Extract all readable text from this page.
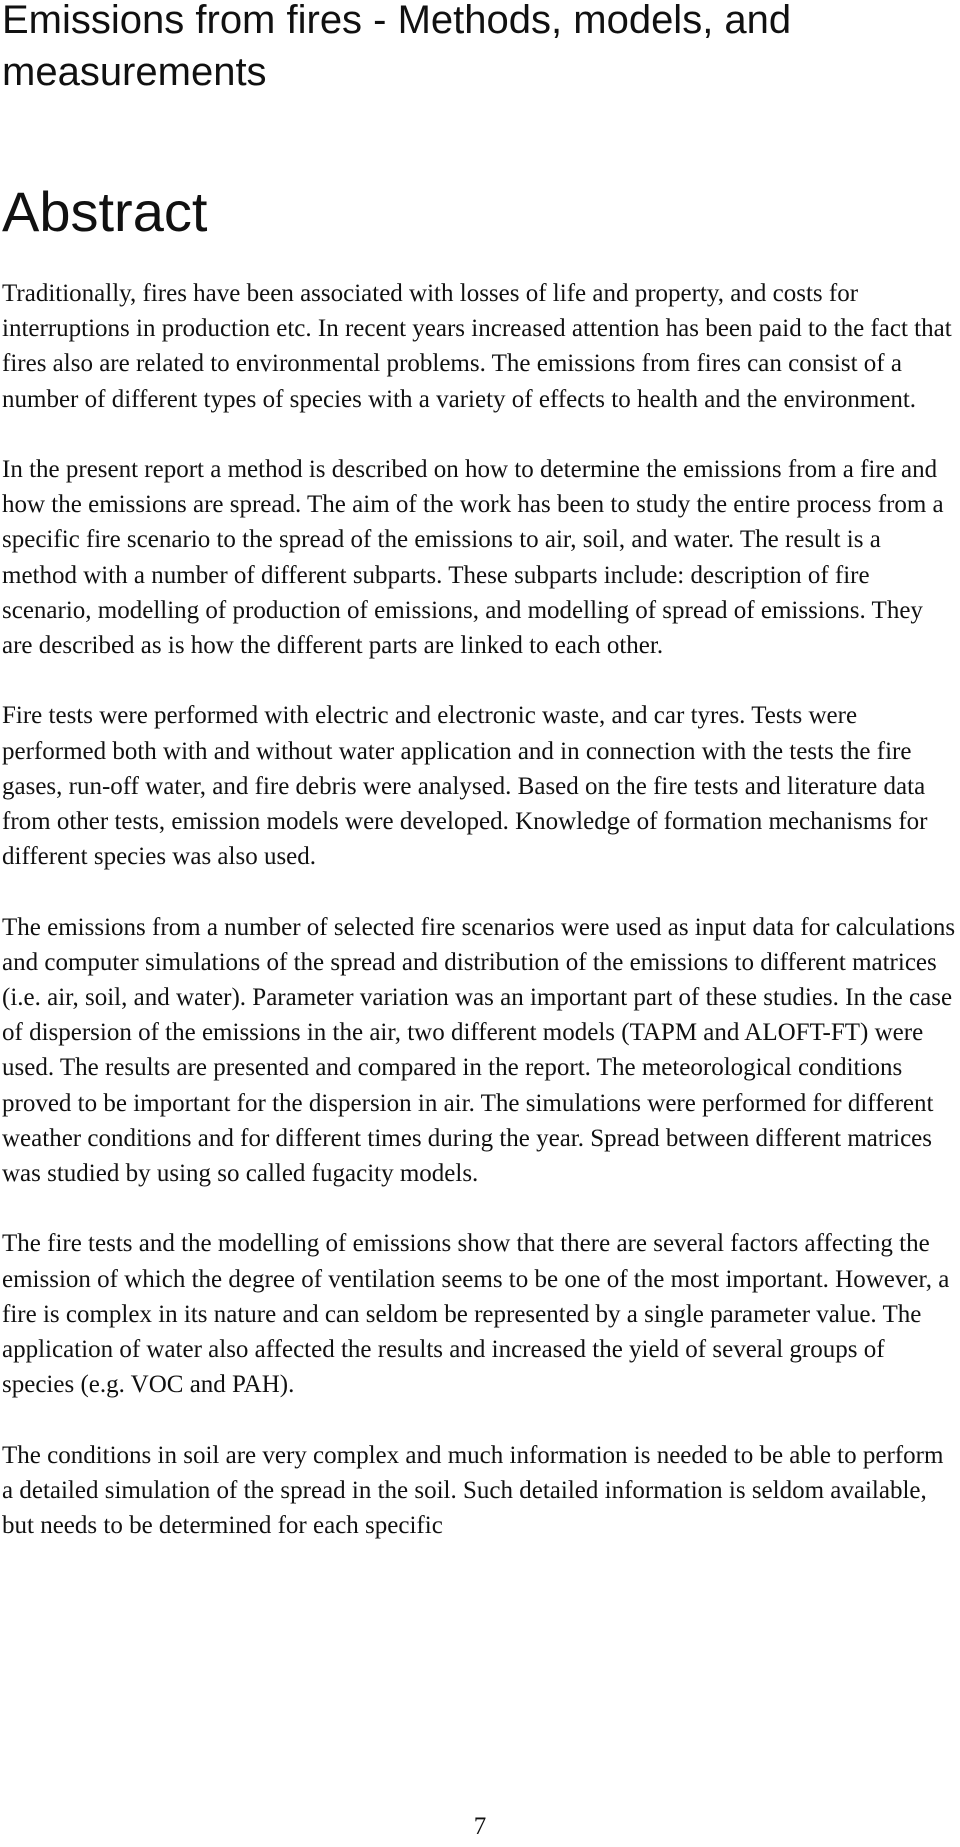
Emissions from fires - Methods, models, and measurements
Abstract

Traditionally, fires have been associated with losses of life and property, and costs for interruptions in production etc. In recent years increased attention has been paid to the fact that fires also are related to environmental problems. The emissions from fires can consist of a number of different types of species with a variety of effects to health and the environment.

In the present report a method is described on how to determine the emissions from a fire and how the emissions are spread. The aim of the work has been to study the entire process from a specific fire scenario to the spread of the emissions to air, soil, and water. The result is a method with a number of different subparts. These subparts include: description of fire scenario, modelling of production of emissions, and modelling of spread of emissions. They are described as is how the different parts are linked to each other.

Fire tests were performed with electric and electronic waste, and car tyres. Tests were performed both with and without water application and in connection with the tests the fire gases, run-off water, and fire debris were analysed. Based on the fire tests and literature data from other tests, emission models were developed. Knowledge of formation mechanisms for different species was also used.

The emissions from a number of selected fire scenarios were used as input data for calculations and computer simulations of the spread and distribution of the emissions to different matrices (i.e. air, soil, and water). Parameter variation was an important part of these studies. In the case of dispersion of the emissions in the air, two different models (TAPM and ALOFT-FT) were used. The results are presented and compared in the report. The meteorological conditions proved to be important for the dispersion in air. The simulations were performed for different weather conditions and for different times during the year. Spread between different matrices was studied by using so called fugacity models.

The fire tests and the modelling of emissions show that there are several factors affecting the emission of which the degree of ventilation seems to be one of the most important. However, a fire is complex in its nature and can seldom be represented by a single parameter value. The application of water also affected the results and increased the yield of several groups of species (e.g. VOC and PAH).

The conditions in soil are very complex and much information is needed to be able to perform a detailed simulation of the spread in the soil. Such detailed information is seldom available, but needs to be determined for each specific

7
